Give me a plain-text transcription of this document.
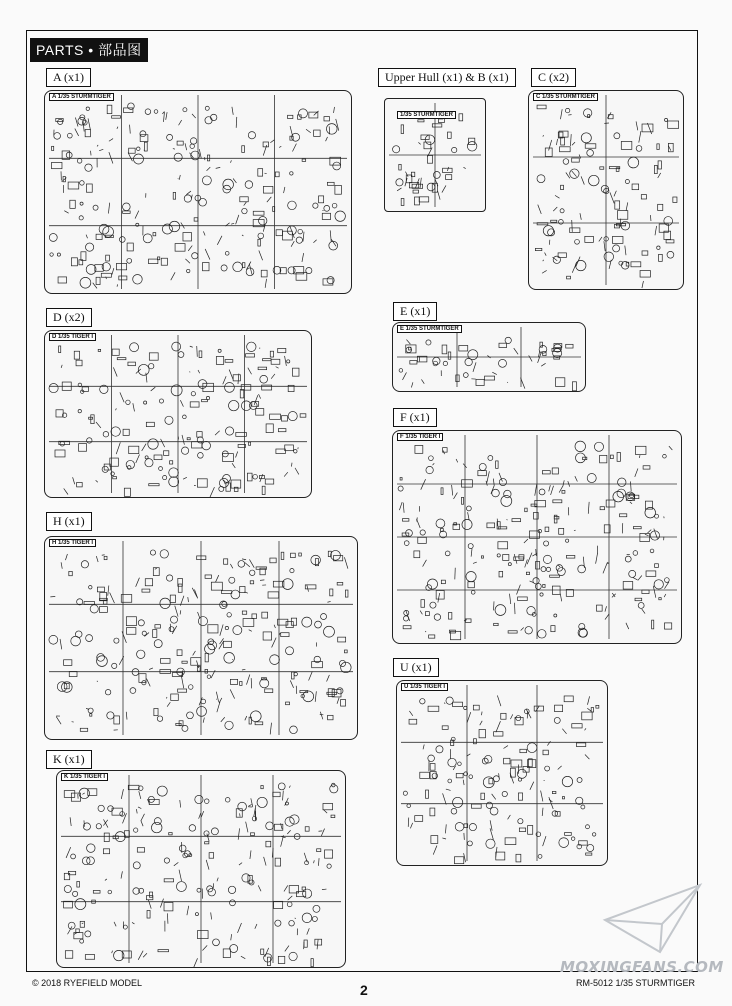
PARTS • 部品图
A (x1)
A 1/35 STURMTIGER
Upper Hull (x1) & B (x1)
1/35 STURMTIGER
C (x2)
C 1/35 STURMTIGER
D (x2)
D 1/35 TIGER I
E (x1)
E 1/35 STURMTIGER
F (x1)
F 1/35 TIGER I
H (x1)
H 1/35 TIGER I
U (x1)
U 1/35 TIGER I
K (x1)
K 1/35 TIGER I
MOXINGFANS.COM
© 2018 RYEFIELD MODEL	2	RM-5012 1/35 STURMTIGER
